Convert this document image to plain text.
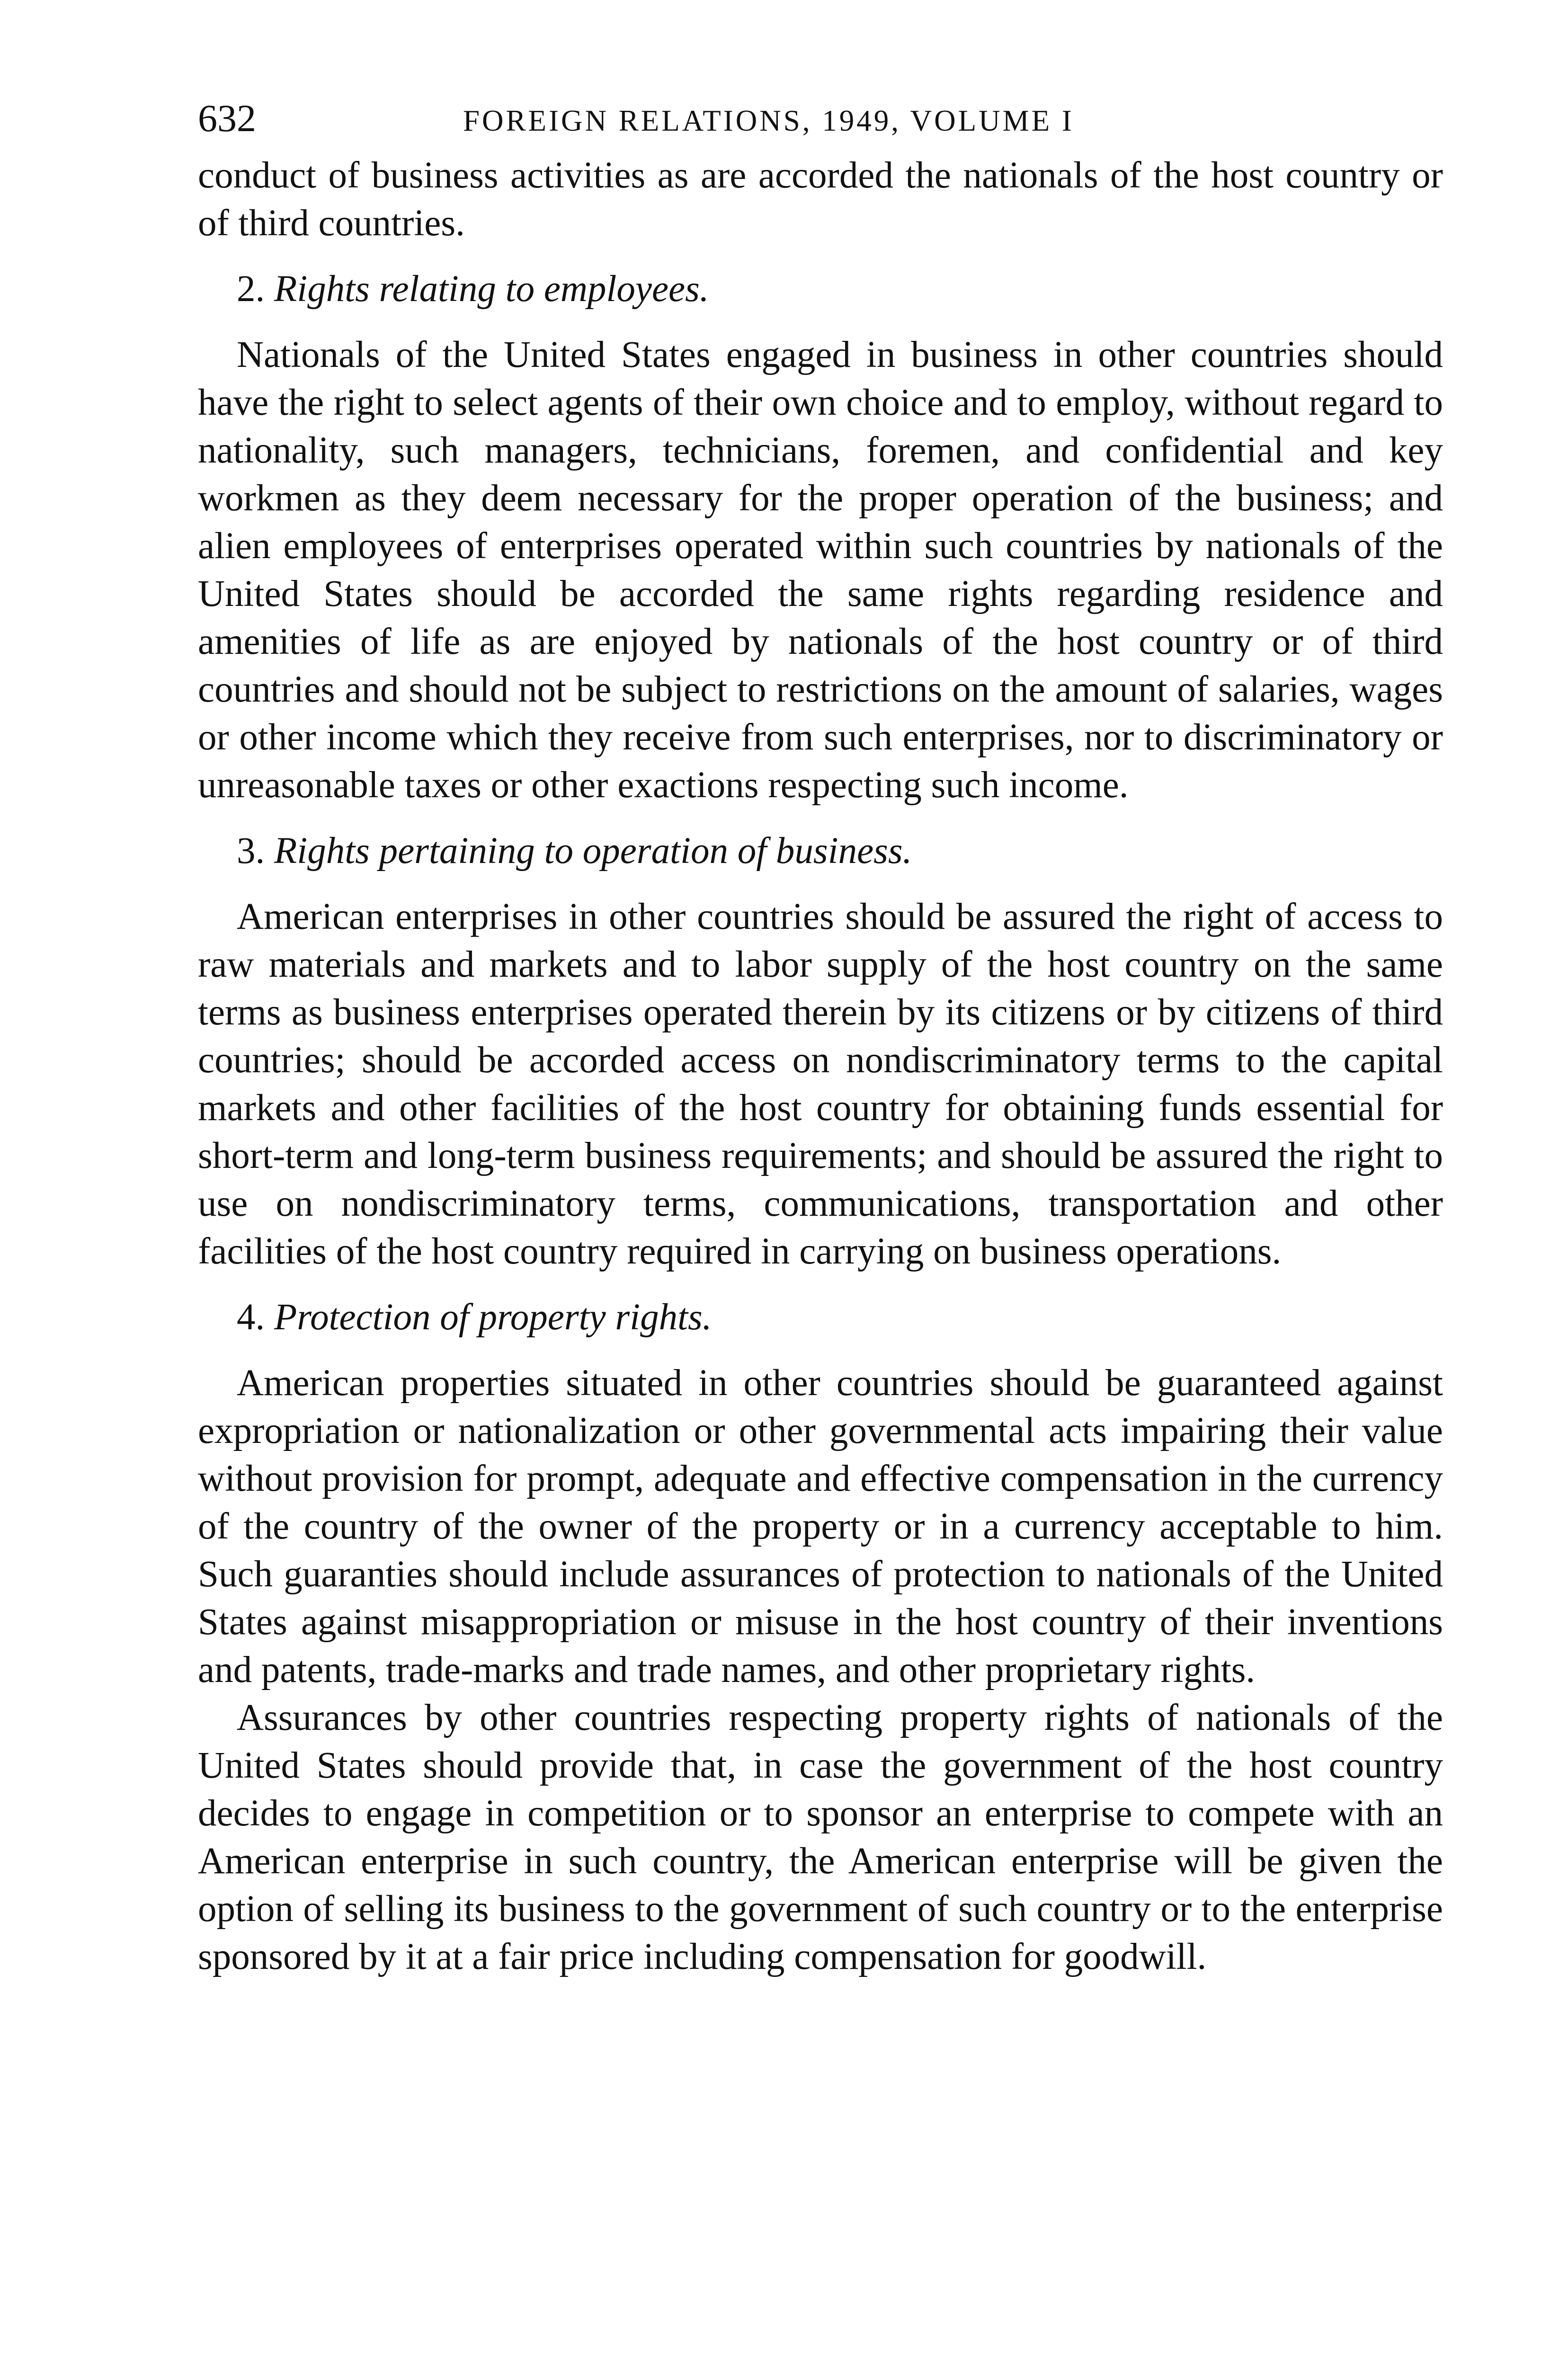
632	FOREIGN RELATIONS, 1949, VOLUME I

conduct of business activities as are accorded the nationals of the host country or of third countries.

2. Rights relating to employees.

Nationals of the United States engaged in business in other countries should have the right to select agents of their own choice and to employ, without regard to nationality, such managers, technicians, foremen, and confidential and key workmen as they deem necessary for the proper operation of the business; and alien employees of enterprises operated within such countries by nationals of the United States should be accorded the same rights regarding residence and amenities of life as are enjoyed by nationals of the host country or of third countries and should not be subject to restrictions on the amount of salaries, wages or other income which they receive from such enterprises, nor to discriminatory or unreasonable taxes or other exactions respecting such income.

3. Rights pertaining to operation of business.

American enterprises in other countries should be assured the right of access to raw materials and markets and to labor supply of the host country on the same terms as business enterprises operated therein by its citizens or by citizens of third countries; should be accorded access on nondiscriminatory terms to the capital markets and other facilities of the host country for obtaining funds essential for short-term and long-term business requirements; and should be assured the right to use on nondiscriminatory terms, communications, transportation and other facilities of the host country required in carrying on business operations.

4. Protection of property rights.

American properties situated in other countries should be guaranteed against expropriation or nationalization or other governmental acts impairing their value without provision for prompt, adequate and effective compensation in the currency of the country of the owner of the property or in a currency acceptable to him. Such guaranties should include assurances of protection to nationals of the United States against misappropriation or misuse in the host country of their inventions and patents, trade-marks and trade names, and other proprietary rights.

Assurances by other countries respecting property rights of nationals of the United States should provide that, in case the government of the host country decides to engage in competition or to sponsor an enterprise to compete with an American enterprise in such country, the American enterprise will be given the option of selling its business to the government of such country or to the enterprise sponsored by it at a fair price including compensation for goodwill.
